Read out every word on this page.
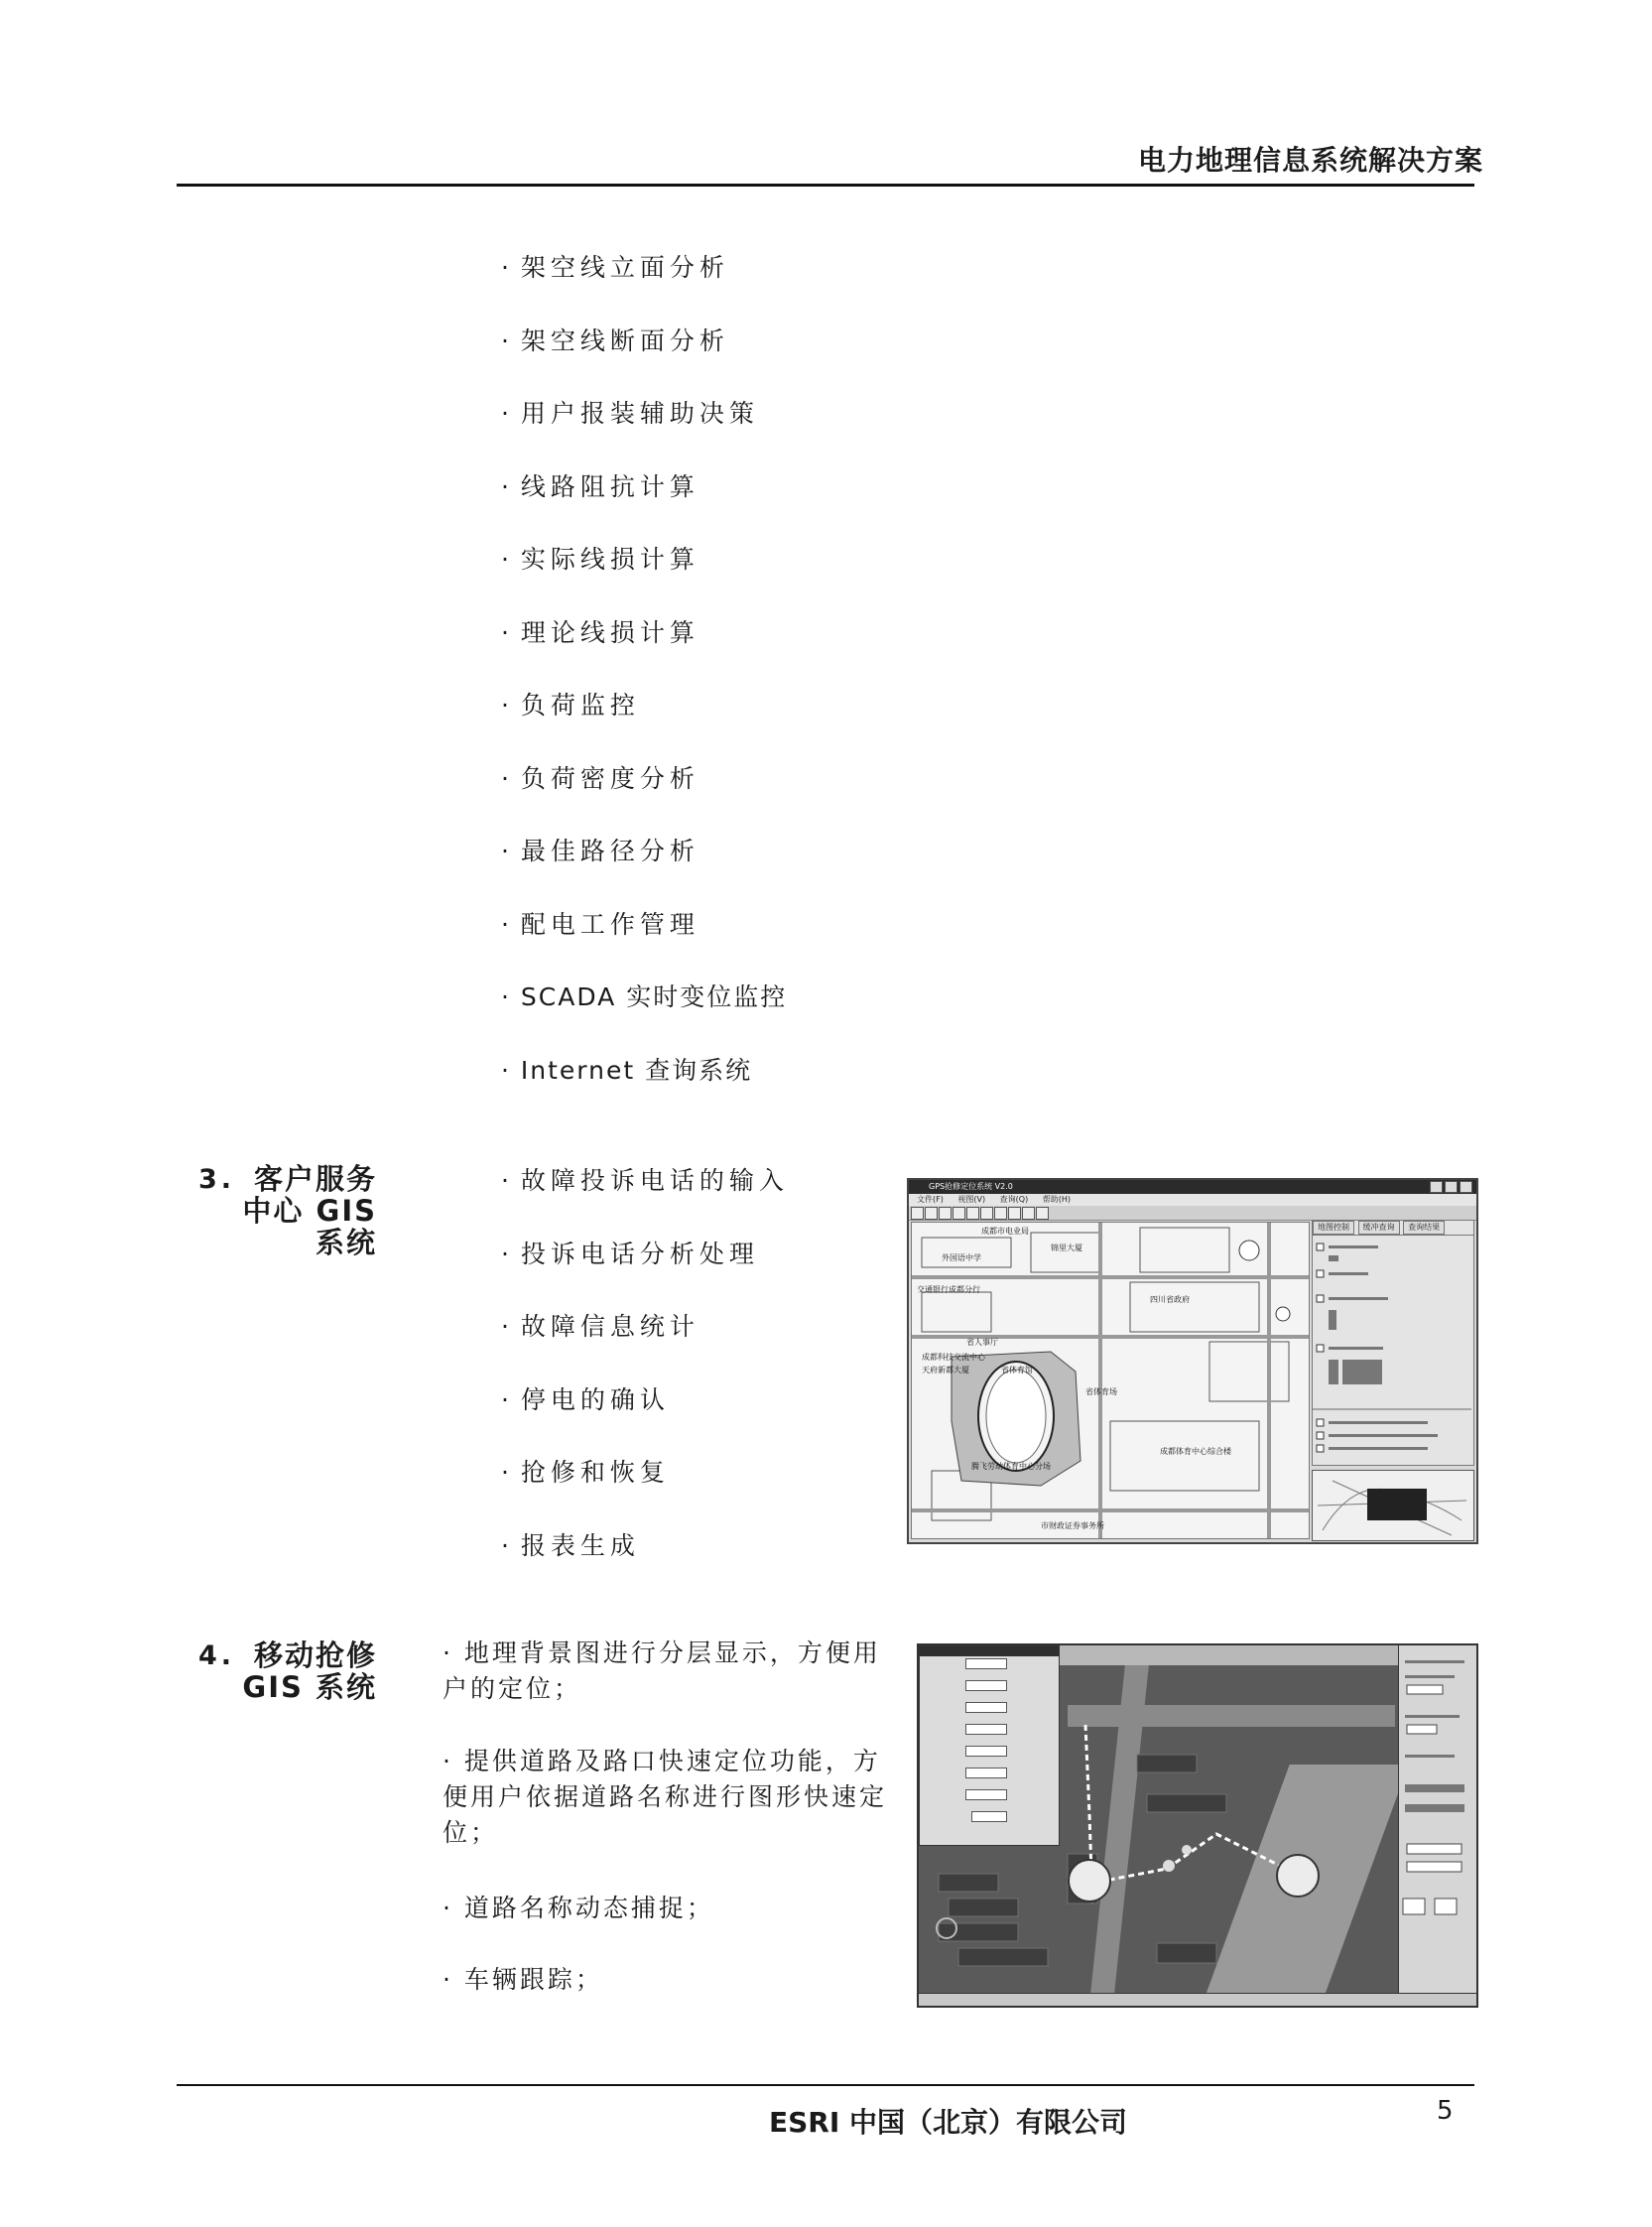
电力地理信息系统解决方案
· 架空线立面分析
· 架空线断面分析
· 用户报装辅助决策
· 线路阻抗计算
· 实际线损计算
· 理论线损计算
· 负荷监控
· 负荷密度分析
· 最佳路径分析
· 配电工作管理
· SCADA 实时变位监控
· Internet 查询系统
3. 客户服务
中心 GIS
系统
· 故障投诉电话的输入
· 投诉电话分析处理
· 故障信息统计
· 停电的确认
· 抢修和恢复
· 报表生成
GPS抢修定位系统 V2.0
文件(F) 视图(V) 查询(Q) 帮助(H)
成都市电业局
锦里大厦
外国语中学
交通银行成都分行
四川省政府
省人事厅
成都科技交流中心
天府新都大厦	省体育馆
省体育场
腾飞劳动体育中心分场
成都体育中心综合楼
市财政证券事务所
地图控制 缓冲查询 查询结果
4. 移动抢修
GIS 系统
· 地理背景图进行分层显示，方便用户的定位；
· 提供道路及路口快速定位功能，方便用户依据道路名称进行图形快速定位；
· 道路名称动态捕捉；
· 车辆跟踪；
ESRI 中国（北京）有限公司	5
